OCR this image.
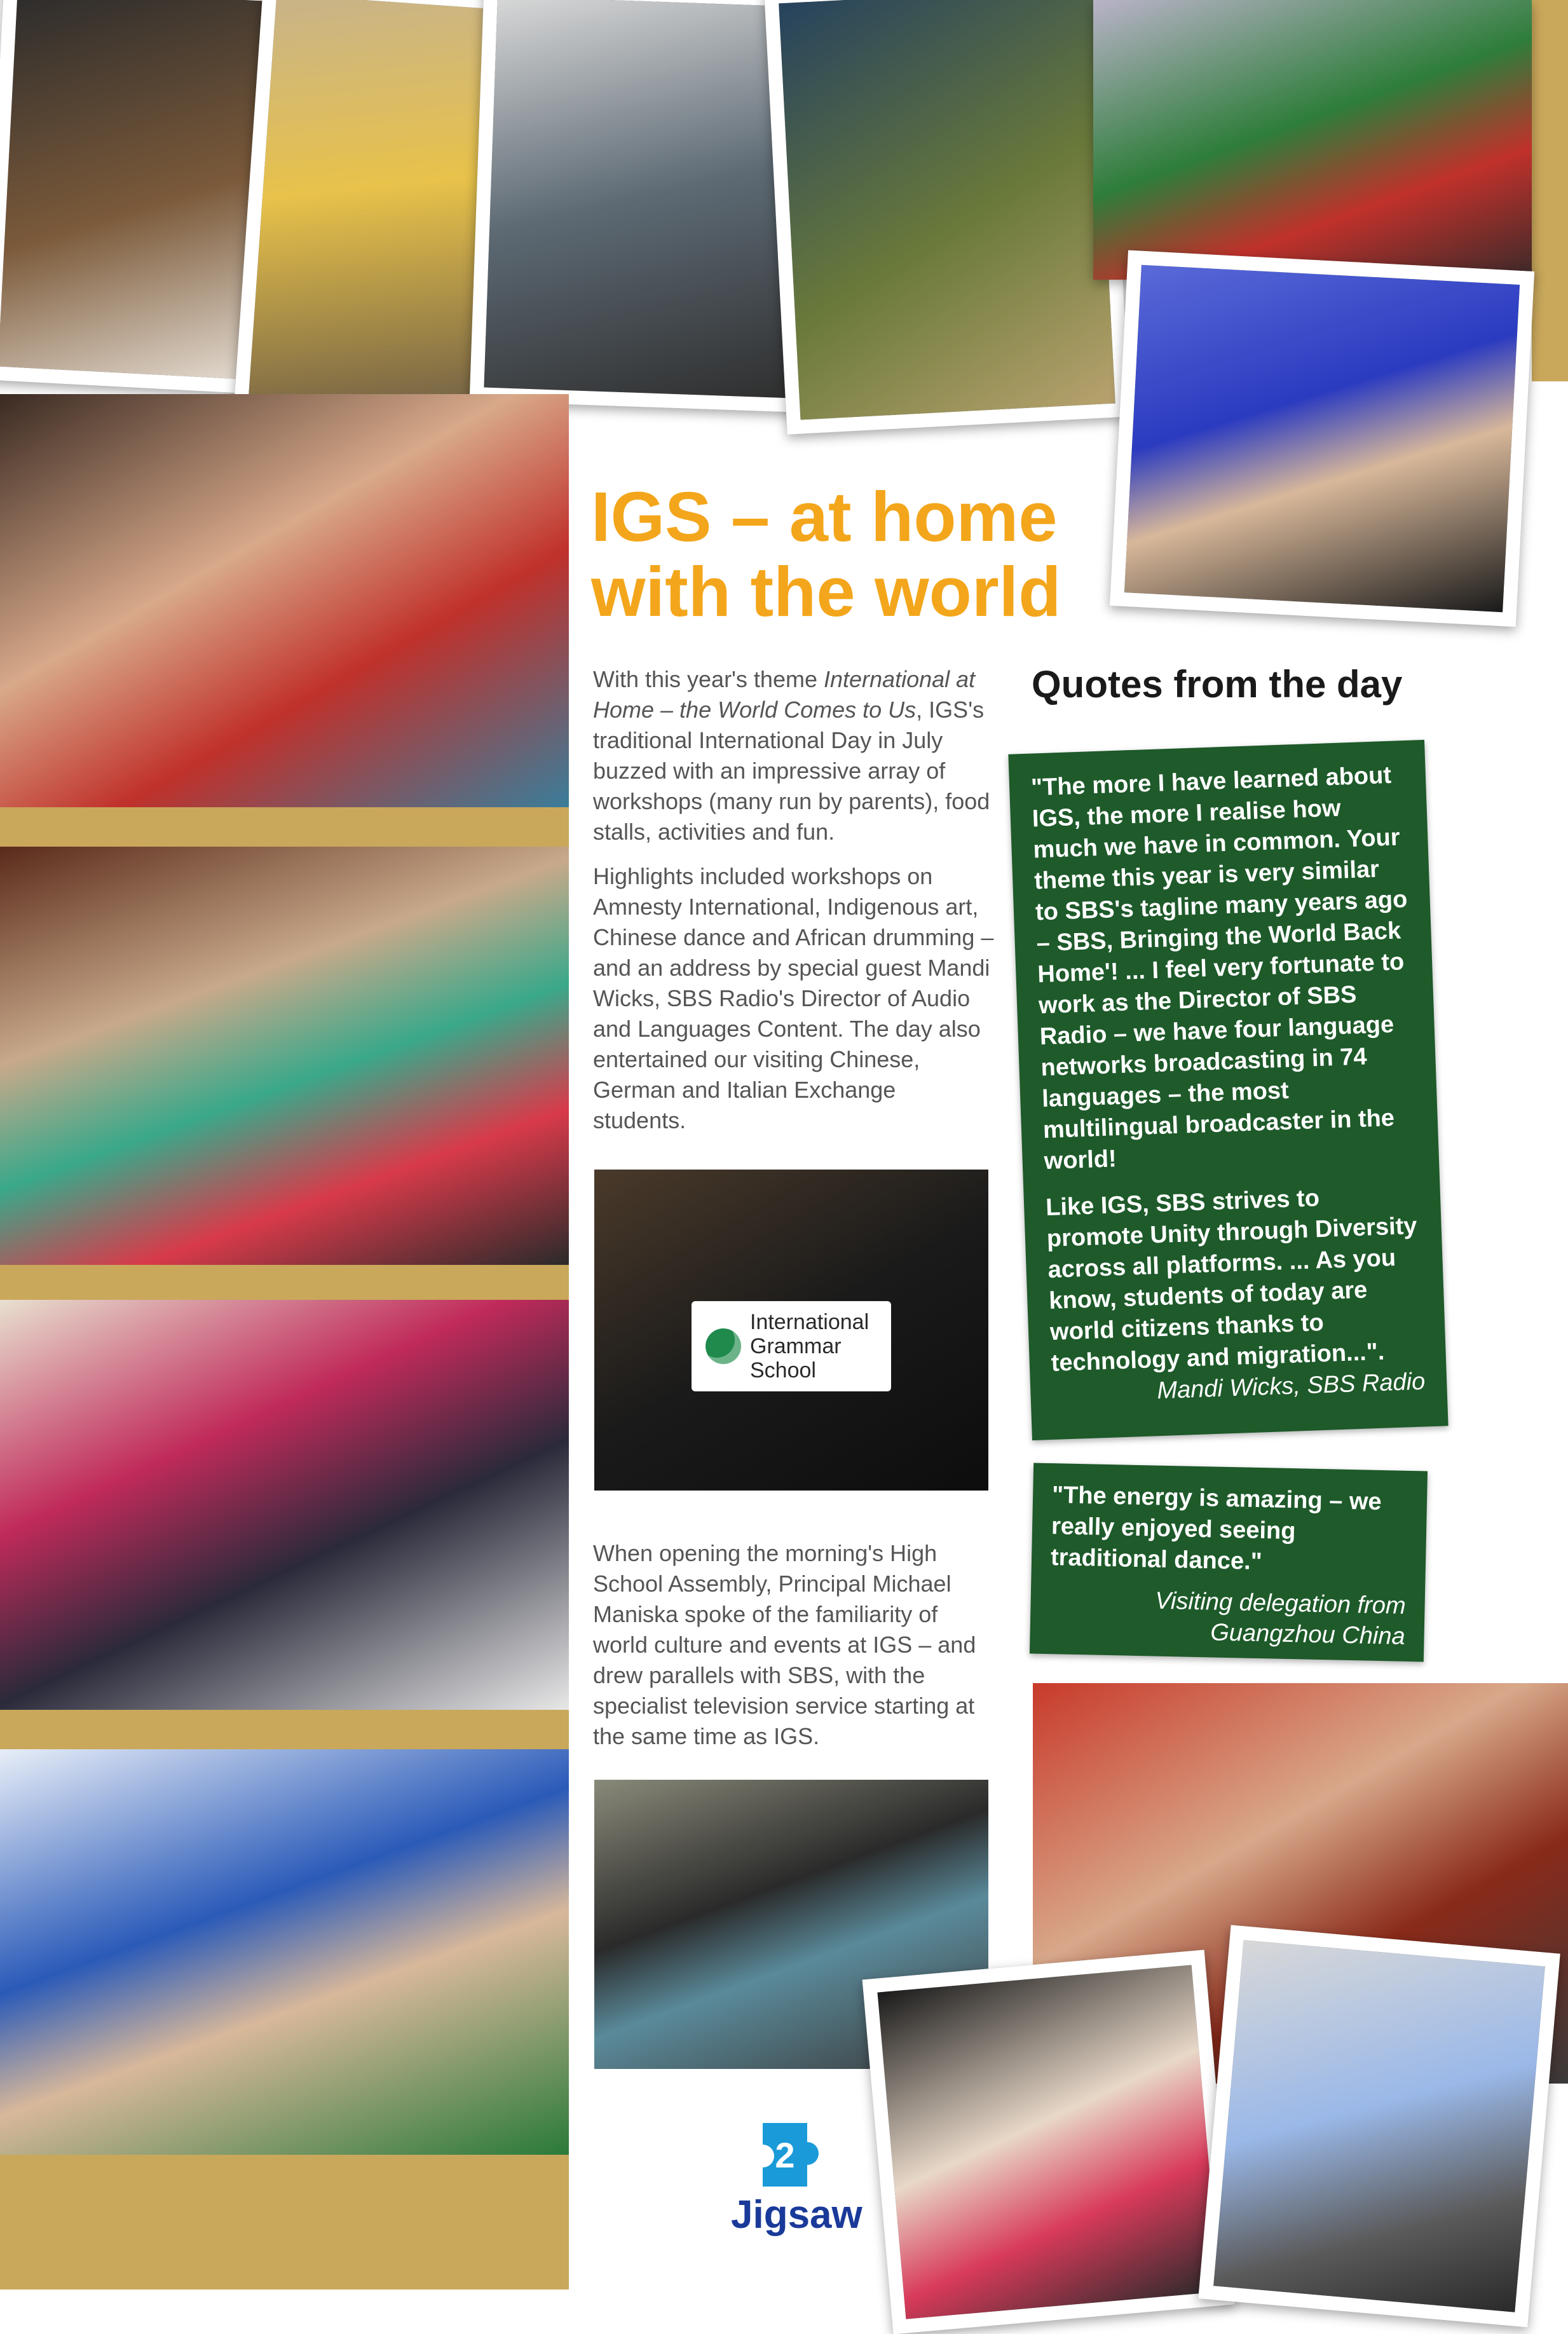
IGS – at home
with the world

With this year's theme International at Home – the World Comes to Us, IGS's traditional International Day in July buzzed with an impressive array of workshops (many run by parents), food stalls, activities and fun.

Highlights included workshops on Amnesty International, Indigenous art, Chinese dance and African drumming – and an address by special guest Mandi Wicks, SBS Radio's Director of Audio and Languages Content. The day also entertained our visiting Chinese, German and Italian Exchange students.

International Grammar School

When opening the morning's High School Assembly, Principal Michael Maniska spoke of the familiarity of world culture and events at IGS – and drew parallels with SBS, with the specialist television service starting at the same time as IGS.

2
Jigsaw
Quotes from the day

"The more I have learned about IGS, the more I realise how much we have in common. Your theme this year is very similar to SBS's tagline many years ago – SBS, Bringing the World Back Home'! ... I feel very fortunate to work as the Director of SBS Radio – we have four language networks broadcasting in 74 languages – the most multilingual broadcaster in the world!

Like IGS, SBS strives to promote Unity through Diversity across all platforms. ... As you know, students of today are world citizens thanks to technology and migration...".

Mandi Wicks, SBS Radio

"The energy is amazing – we really enjoyed seeing traditional dance."

Visiting delegation from
Guangzhou China
